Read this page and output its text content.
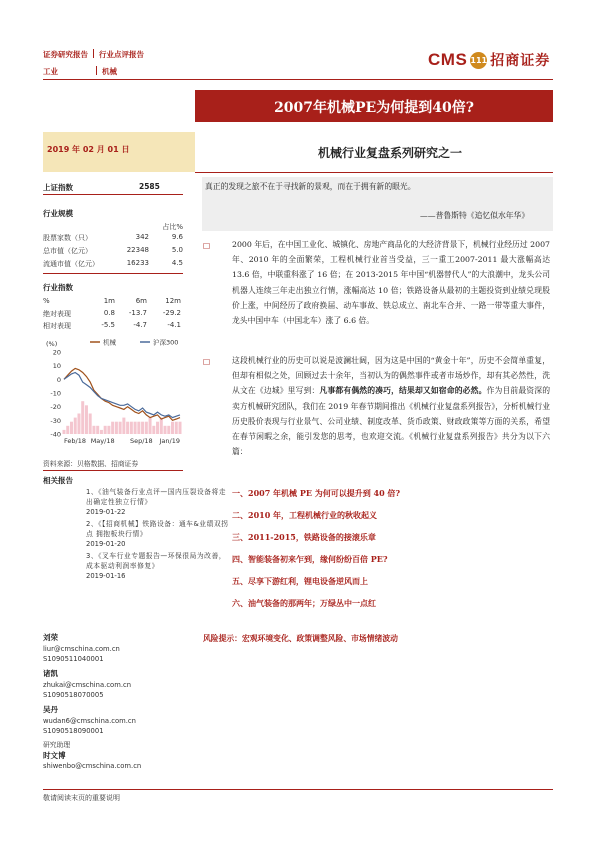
证券研究报告 行业点评报告
工业	机械
CMS 111 招商证券
2007年机械PE为何提到40倍?
2019 年 02 月 01 日	机械行业复盘系列研究之一
上证指数	2585
行业规模
占比%
股票家数（只）	342	9.6
总市值（亿元）	22348	5.0
流通市值（亿元）	16233	4.5
行业指数
%	1m	6m	12m
绝对表现	0.8 -13.7	-29.2
相对表现	-5.5	-4.7	-4.1
20
10
0
-10
-20
-30
-40
(%)
Feb/18 May/18 Sep/18 Jan/19
机械	沪深300
资料来源：贝格数据、招商证券
相关报告
1、《油气装备行业点评—国内压裂设备将走出确定性独立行情》
2019-01-22
2、《【招商机械】铁路设备：通车&业绩双拐点 拥抱板块行情》
2019-01-20
3、《叉车行业专题报告—环保很局为改善，成本驱动利润率修复》
2019-01-16
刘荣
liur@cmschina.com.cn
S1090511040001
诸凯
zhukai@cmschina.com.cn
S1090518070005
吴丹
wudan6@cmschina.com.cn
S1090518090001
研究助理
时文博
shiwenbo@cmschina.com.cn
敬请阅读末页的重要说明
真正的发现之旅不在于寻找新的景观，而在于拥有新的眼光。
——普鲁斯特《追忆似水年华》
□	2000 年后，在中国工业化、城镇化、房地产商品化的大经济背景下，机械行业经历过 2007 年、2010 年的全面繁荣，工程机械行业首当受益，三一重工2007-2011 最大涨幅高达 13.6 倍，中联重科涨了 16 倍；在 2013-2015 年中国“机器替代人”的大浪潮中，龙头公司机器人连续三年走出独立行情，涨幅高达 10 倍；铁路设备从最初的主题投资到业绩兑现股价上涨，中间经历了政府换届、动车事故、铁总成立、南北车合并、一路一带等重大事件，龙头中国中车（中国北车）涨了 6.6 倍。
□	这段机械行业的历史可以说是波澜壮阔，因为这是中国的“黄金十年”，历史不会简单重复，但却有相似之处，回顾过去十余年，当初认为的偶然事件或者市场炒作，却有其必然性，洗从文在《边城》里写到：凡事都有偶然的凑巧，结果却又如宿命的必然。作为目前最资深的卖方机械研究团队，我们在 2019 年春节期间推出《机械行业复盘系列报告》，分析机械行业历史股价表现与行业景气、公司业绩、制度改革、货币政策、财政政策等方面的关系，希望在春节闲暇之余，能引发您的思考，也欢迎交流。《机械行业复盘系列报告》共分为以下六篇：
一、2007 年机械 PE 为何可以提升到 40 倍?
二、2010 年，工程机械行业的秋收起义
三、2011-2015，铁路设备的接滚乐章
四、智能装备初来乍到，缘何纷纷百倍 PE?
五、尽享下游红利，锂电设备逆风而上
六、油气装备的那两年；万绿丛中一点红
风险提示：宏观环境变化、政策调整风险、市场情绪波动
